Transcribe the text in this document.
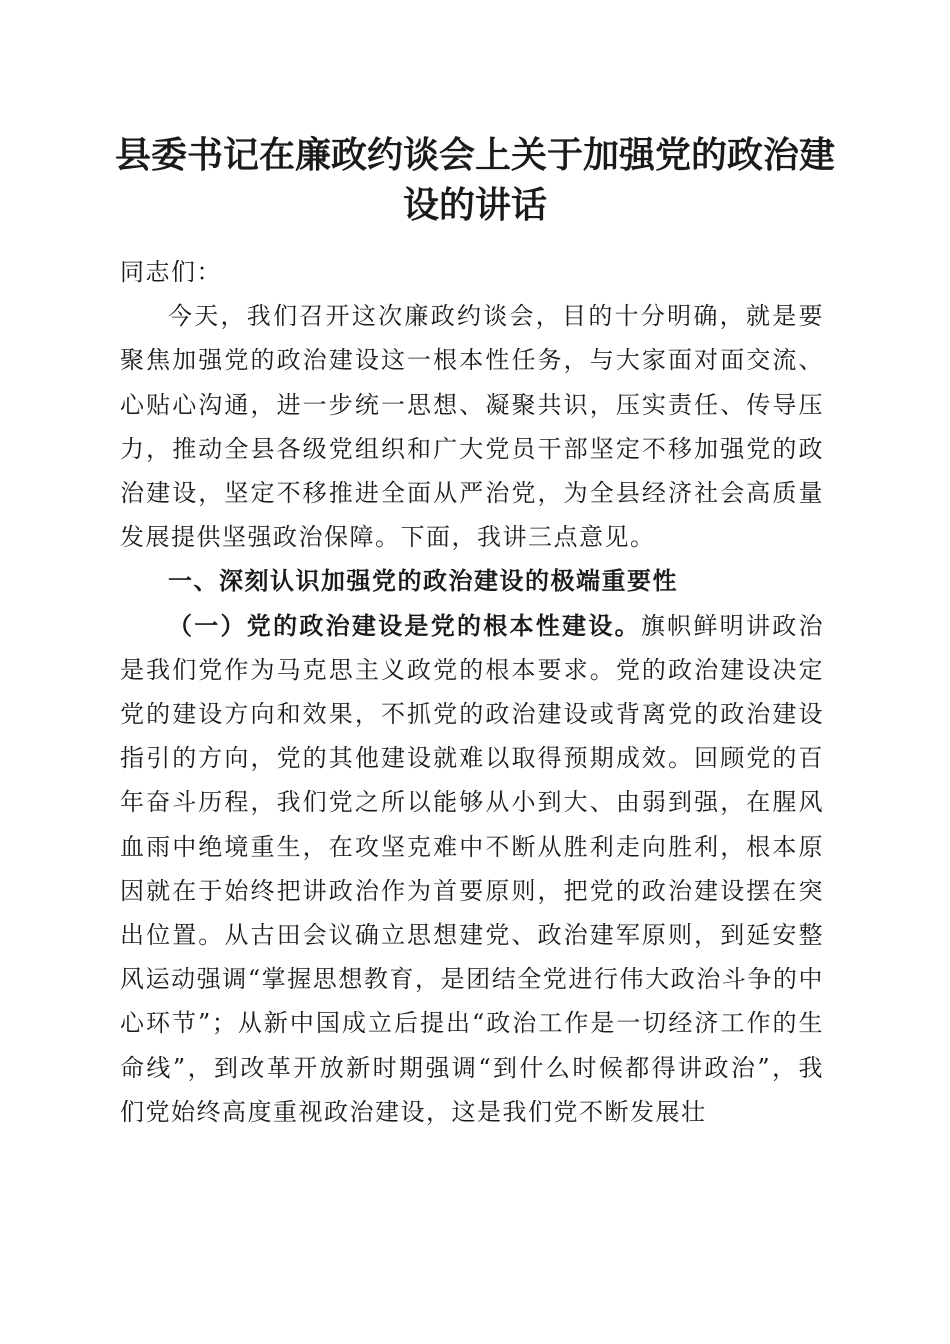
县委书记在廉政约谈会上关于加强党的政治建设的讲话

同志们：

今天，我们召开这次廉政约谈会，目的十分明确，就是要聚焦加强党的政治建设这一根本性任务，与大家面对面交流、心贴心沟通，进一步统一思想、凝聚共识，压实责任、传导压力，推动全县各级党组织和广大党员干部坚定不移加强党的政治建设，坚定不移推进全面从严治党，为全县经济社会高质量发展提供坚强政治保障。下面，我讲三点意见。

一、深刻认识加强党的政治建设的极端重要性

（一）党的政治建设是党的根本性建设。旗帜鲜明讲政治是我们党作为马克思主义政党的根本要求。党的政治建设决定党的建设方向和效果，不抓党的政治建设或背离党的政治建设指引的方向，党的其他建设就难以取得预期成效。回顾党的百年奋斗历程，我们党之所以能够从小到大、由弱到强，在腥风血雨中绝境重生，在攻坚克难中不断从胜利走向胜利，根本原因就在于始终把讲政治作为首要原则，把党的政治建设摆在突出位置。从古田会议确立思想建党、政治建军原则，到延安整风运动强调“掌握思想教育，是团结全党进行伟大政治斗争的中心环节”；从新中国成立后提出“政治工作是一切经济工作的生命线”，到改革开放新时期强调“到什么时候都得讲政治”，我们党始终高度重视政治建设，这是我们党不断发展壮
